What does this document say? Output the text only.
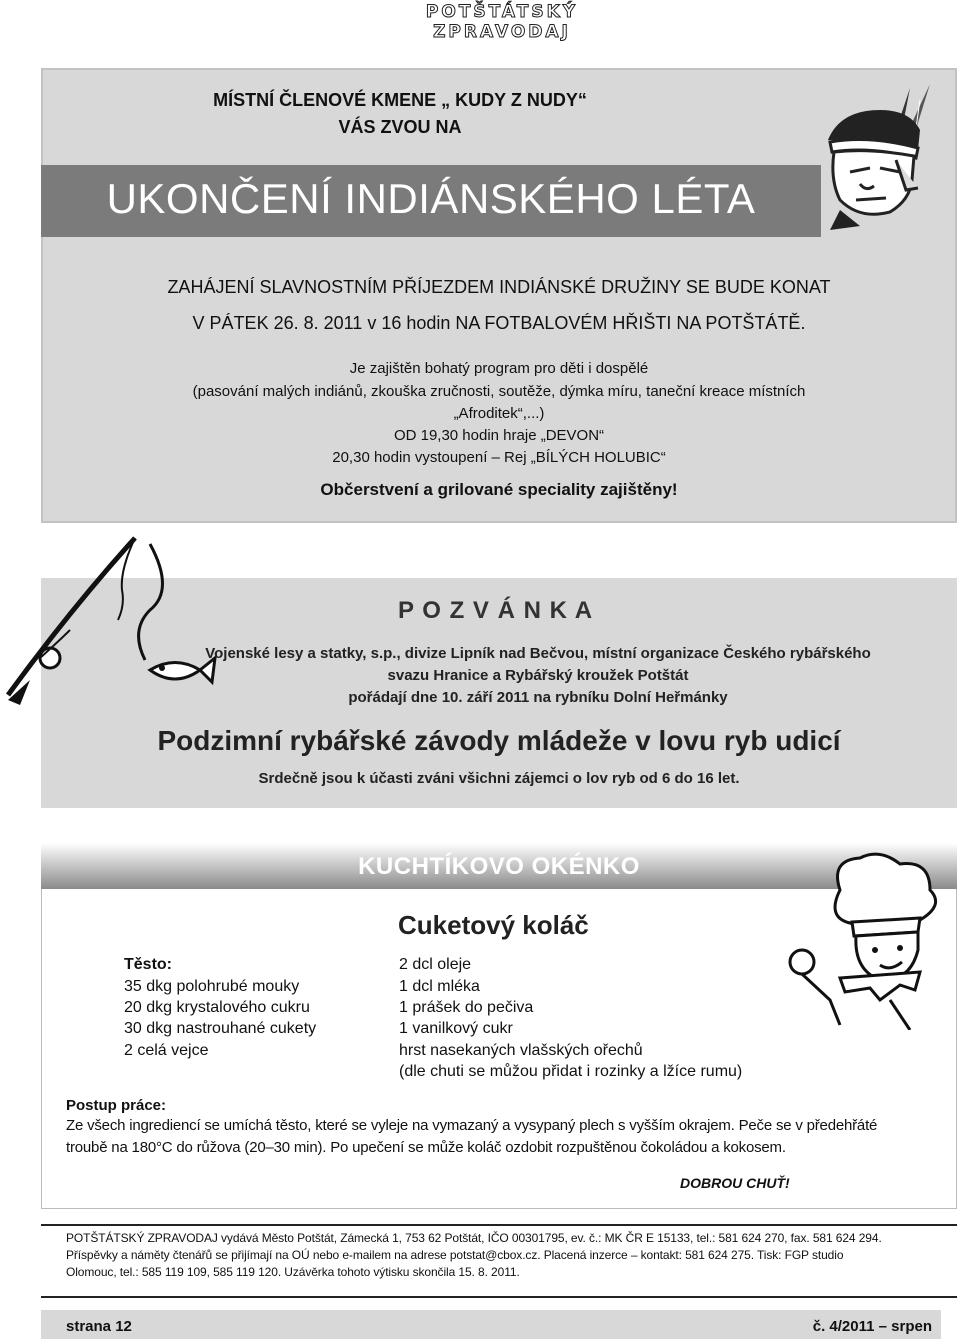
POTŠTÁTSKÝ ZPRAVODAJ
MÍSTNÍ ČLENOVÉ KMENE „ KUDY Z NUDY“
VÁS ZVOU NA
UKONČENÍ INDIÁNSKÉHO LÉTA
ZAHÁJENÍ SLAVNOSTNÍM PŘÍJEZDEM INDIÁNSKÉ DRUŽINY SE BUDE KONAT
V PÁTEK 26. 8. 2011 v 16 hodin NA FOTBALOVÉM HŘIŠTI NA POTŠTÁTĚ.
Je zajištěn bohatý program pro děti i dospělé
(pasování malých indiánů, zkouška zručnosti, soutěže, dýmka míru, taneční kreace místních
„Afroditek“,...)
OD 19,30 hodin hraje „DEVON“
20,30 hodin vystoupení – Rej „BÍLÝCH HOLUBIC“
Občerstvení a grilované speciality zajištěny!
P O Z V Á N K A
Vojenské lesy a statky, s.p., divize Lipník nad Bečvou, místní organizace Českého rybářského
svazu Hranice a Rybářský kroužek Potštát
pořádají dne 10. září 2011 na rybníku Dolní Heřmánky
Podzimní rybářské závody mládeže v lovu ryb udicí
Srdečně jsou k účasti zváni všichni zájemci o lov ryb od 6 do 16 let.
KUCHTÍKOVO OKÉNKO
Cuketový koláč
Těsto:
35 dkg polohrubé mouky
20 dkg krystalového cukru
30 dkg nastrouhané cukety
2 celá vejce
2 dcl oleje
1 dcl mléka
1 prášek do pečiva
1 vanilkový cukr
hrst nasekaných vlašských ořechů
(dle chuti se můžou přidat i rozinky a lžíce rumu)
Postup práce:
Ze všech ingrediencí se umíchá těsto, které se vyleje na vymazaný a vysypaný plech s vyšším okrajem. Peče se v předehřáté
troubě na 180°C do růžova (20–30 min). Po upečení se může koláč ozdobit rozpuštěnou čokoládou a kokosem.
DOBROU CHUŤ!
POTŠTÁTSKÝ ZPRAVODAJ vydává Město Potštát, Zámecká 1, 753 62 Potštát, IČO 00301795, ev. č.: MK ČR E 15133, tel.: 581 624 270, fax. 581 624 294.
Příspěvky a náměty čtenářů se přijímají na OÚ nebo e-mailem na adrese potstat@cbox.cz. Placená inzerce – kontakt: 581 624 275. Tisk: FGP studio
Olomouc, tel.: 585 119 109, 585 119 120. Uzávěrka tohoto výtisku skončila 15. 8. 2011.
strana 12	č. 4/2011 – srpen
